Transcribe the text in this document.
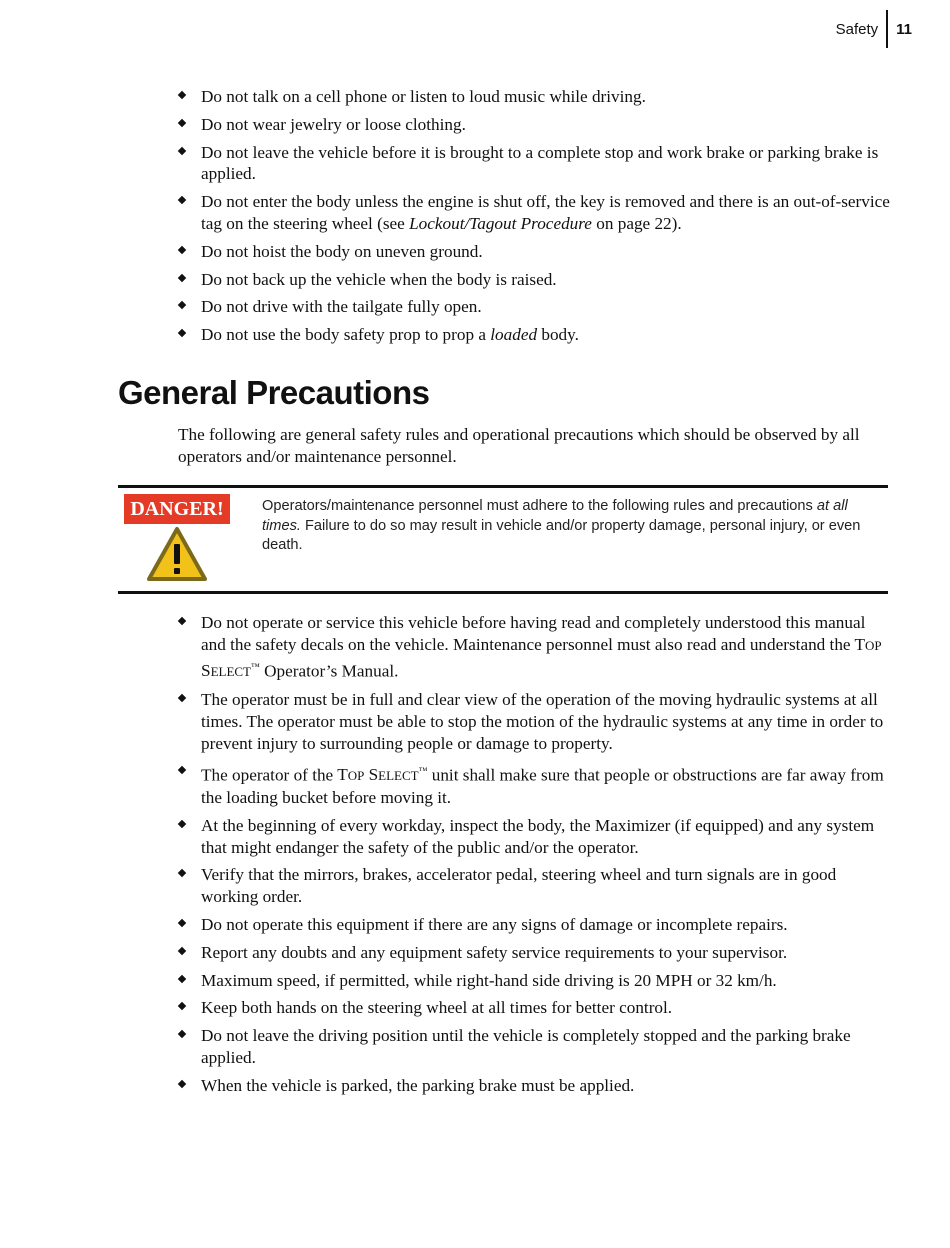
Safety 11
Do not talk on a cell phone or listen to loud music while driving.
Do not wear jewelry or loose clothing.
Do not leave the vehicle before it is brought to a complete stop and work brake or parking brake is applied.
Do not enter the body unless the engine is shut off, the key is removed and there is an out-of-service tag on the steering wheel (see Lockout/Tagout Procedure on page 22).
Do not hoist the body on uneven ground.
Do not back up the vehicle when the body is raised.
Do not drive with the tailgate fully open.
Do not use the body safety prop to prop a loaded body.
General Precautions

The following are general safety rules and operational precautions which should be observed by all operators and/or maintenance personnel.

DANGER!	Operators/maintenance personnel must adhere to the following rules and precautions at all times. Failure to do so may result in vehicle and/or property damage, personal injury, or even death.
Do not operate or service this vehicle before having read and completely understood this manual and the safety decals on the vehicle. Maintenance personnel must also read and understand the TOP SELECT™ Operator’s Manual.
The operator must be in full and clear view of the operation of the moving hydraulic systems at all times. The operator must be able to stop the motion of the hydraulic systems at any time in order to prevent injury to surrounding people or damage to property.
The operator of the TOP SELECT™ unit shall make sure that people or obstructions are far away from the loading bucket before moving it.
At the beginning of every workday, inspect the body, the Maximizer (if equipped) and any system that might endanger the safety of the public and/or the operator.
Verify that the mirrors, brakes, accelerator pedal, steering wheel and turn signals are in good working order.
Do not operate this equipment if there are any signs of damage or incomplete repairs.
Report any doubts and any equipment safety service requirements to your supervisor.
Maximum speed, if permitted, while right-hand side driving is 20 MPH or 32 km/h.
Keep both hands on the steering wheel at all times for better control.
Do not leave the driving position until the vehicle is completely stopped and the parking brake applied.
When the vehicle is parked, the parking brake must be applied.
